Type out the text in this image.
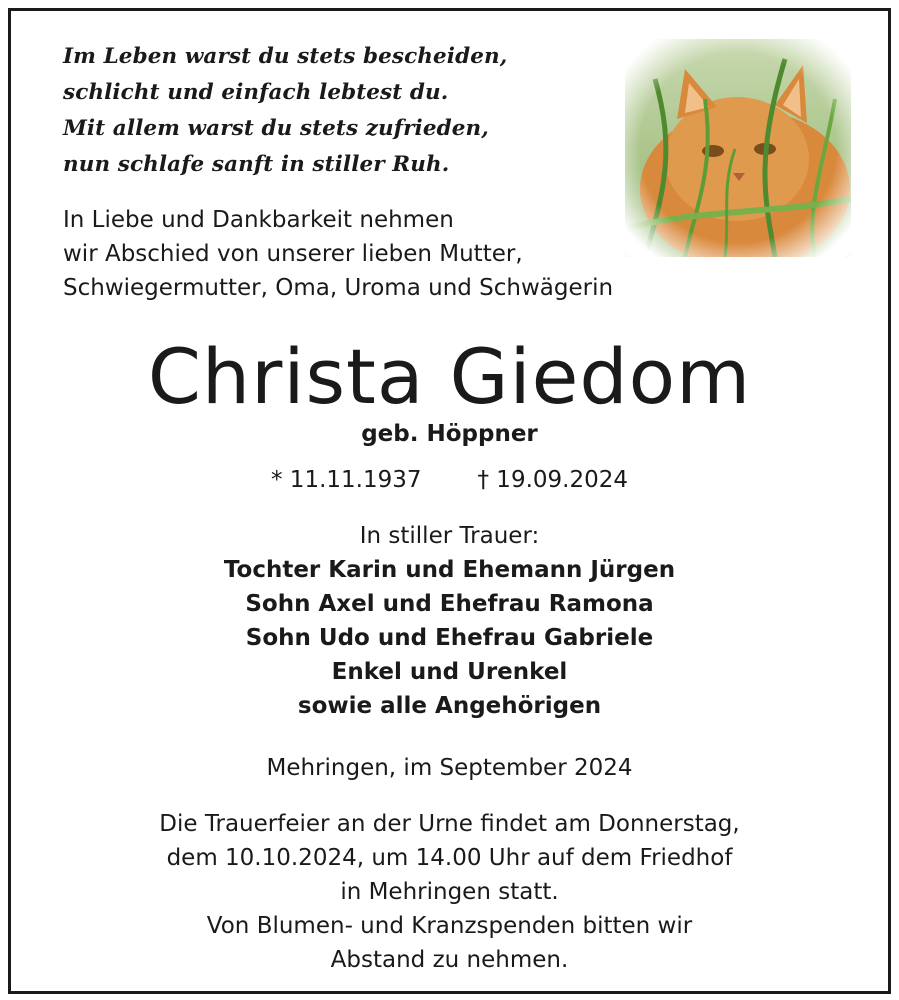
Im Leben warst du stets bescheiden,
schlicht und einfach lebtest du.
Mit allem warst du stets zufrieden,
nun schlafe sanft in stiller Ruh.
In Liebe und Dankbarkeit nehmen
wir Abschied von unserer lieben Mutter,
Schwiegermutter, Oma, Uroma und Schwägerin
Christa Giedom
geb. Höppner
* 11.11.1937 † 19.09.2024
In stiller Trauer:
Tochter Karin und Ehemann Jürgen
Sohn Axel und Ehefrau Ramona
Sohn Udo und Ehefrau Gabriele
Enkel und Urenkel
sowie alle Angehörigen
Mehringen, im September 2024
Die Trauerfeier an der Urne findet am Donnerstag,
dem 10.10.2024, um 14.00 Uhr auf dem Friedhof
in Mehringen statt.
Von Blumen- und Kranzspenden bitten wir
Abstand zu nehmen.
